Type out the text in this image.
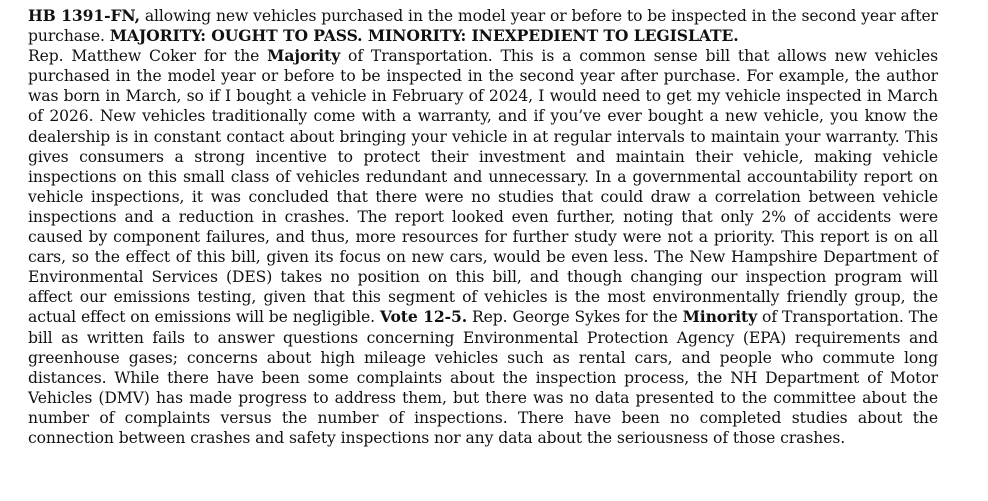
HB 1391-FN, allowing new vehicles purchased in the model year or before to be inspected in the second year after purchase. MAJORITY: OUGHT TO PASS. MINORITY: INEXPEDIENT TO LEGISLATE.
Rep. Matthew Coker for the Majority of Transportation. This is a common sense bill that allows new vehicles purchased in the model year or before to be inspected in the second year after purchase. For example, the author was born in March, so if I bought a vehicle in February of 2024, I would need to get my vehicle inspected in March of 2026. New vehicles traditionally come with a warranty, and if you’ve ever bought a new vehicle, you know the dealership is in constant contact about bringing your vehicle in at regular intervals to maintain your warranty. This gives consumers a strong incentive to protect their investment and maintain their vehicle, making vehicle inspections on this small class of vehicles redundant and unnecessary. In a governmental accountability report on vehicle inspections, it was concluded that there were no studies that could draw a correlation between vehicle inspections and a reduction in crashes. The report looked even further, noting that only 2% of accidents were caused by component failures, and thus, more resources for further study were not a priority. This report is on all cars, so the effect of this bill, given its focus on new cars, would be even less. The New Hampshire Department of Environmental Services (DES) takes no position on this bill, and though changing our inspection program will affect our emissions testing, given that this segment of vehicles is the most environmentally friendly group, the actual effect on emissions will be negligible. Vote 12-5. Rep. George Sykes for the Minority of Transportation. The bill as written fails to answer questions concerning Environmental Protection Agency (EPA) requirements and greenhouse gases; concerns about high mileage vehicles such as rental cars, and people who commute long distances. While there have been some complaints about the inspection process, the NH Department of Motor Vehicles (DMV) has made progress to address them, but there was no data presented to the committee about the number of complaints versus the number of inspections. There have been no completed studies about the connection between crashes and safety inspections nor any data about the seriousness of those crashes.
